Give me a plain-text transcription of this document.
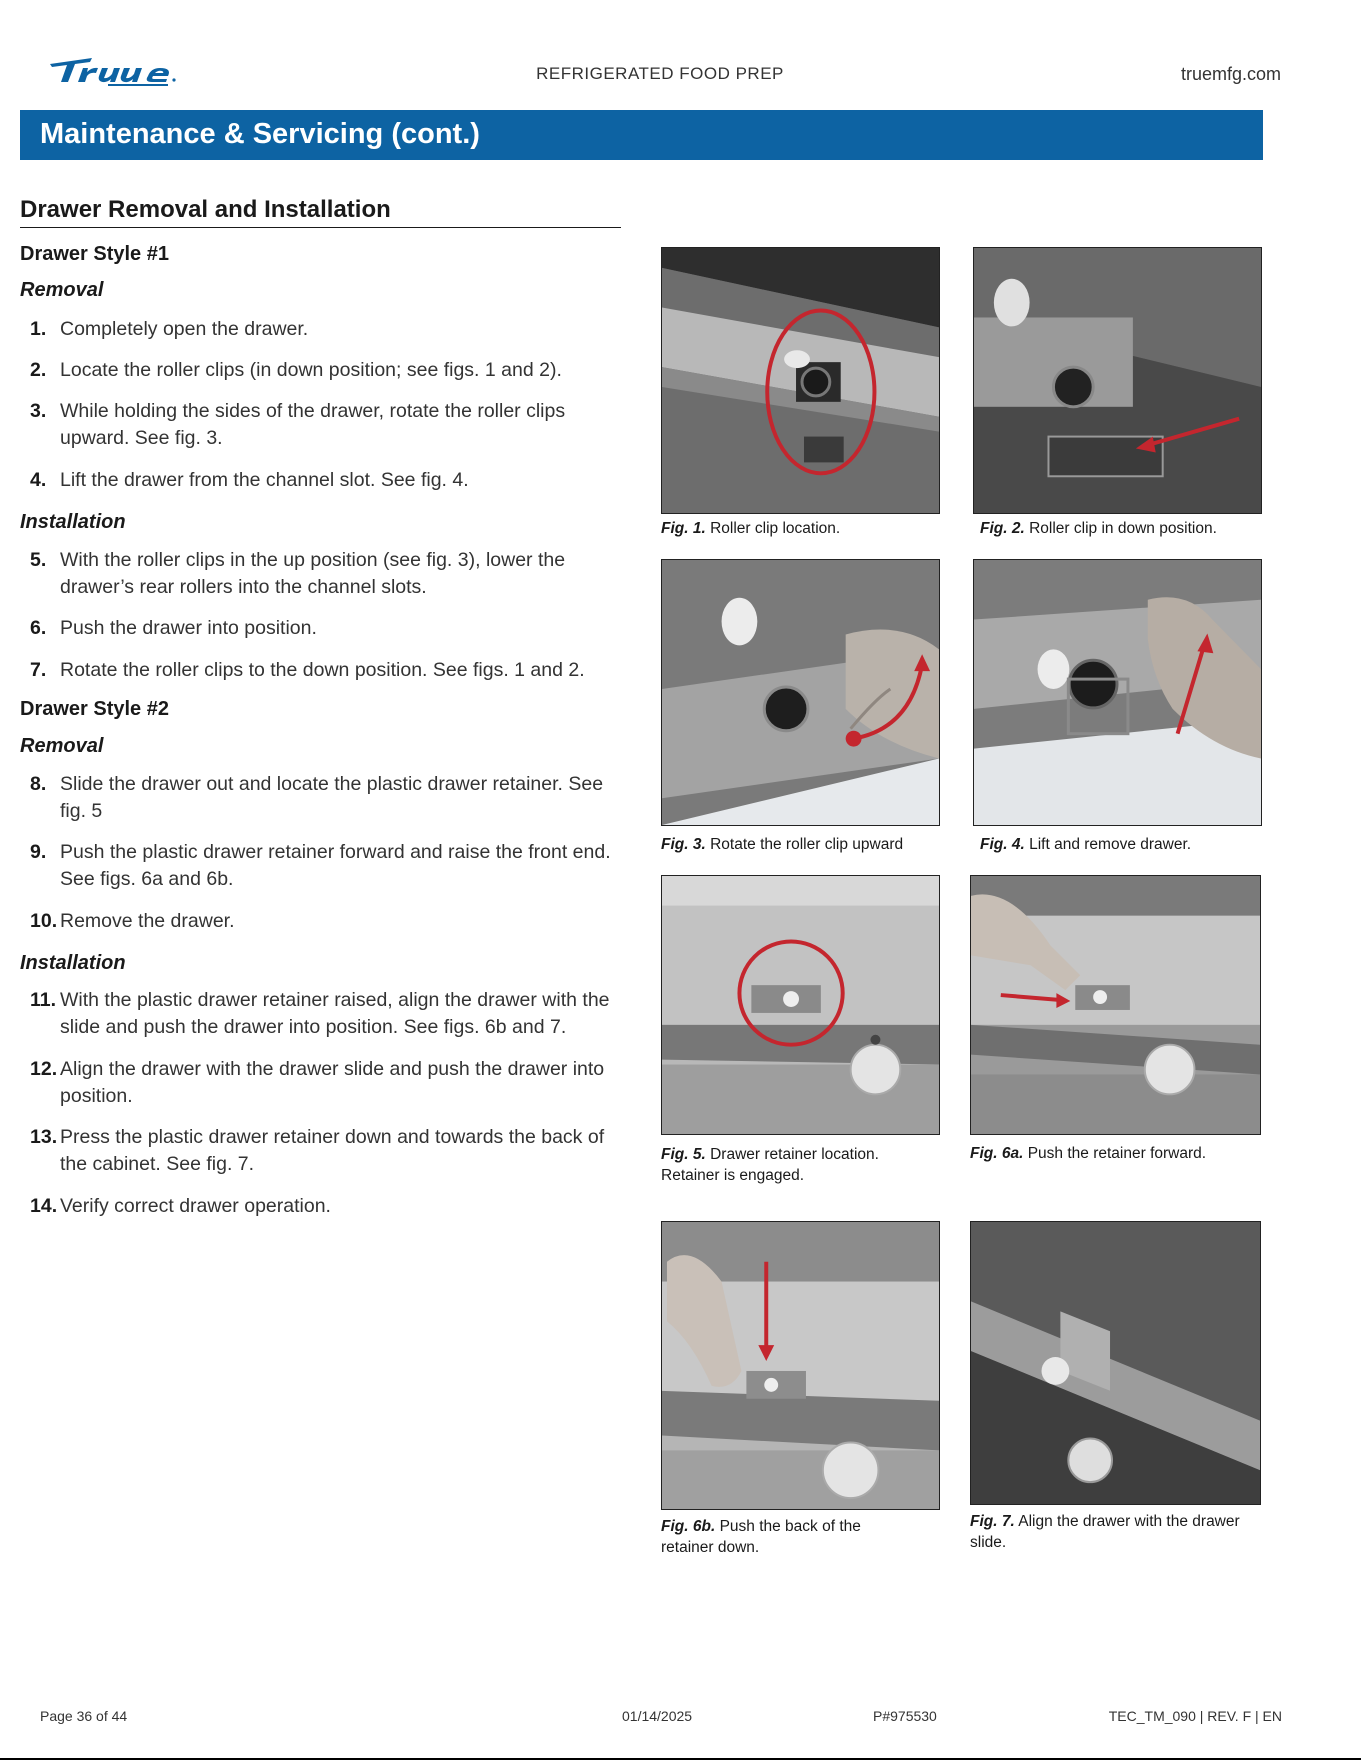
REFRIGERATED FOOD PREP	truemfg.com
Maintenance & Servicing (cont.)
Drawer Removal and Installation
Drawer Style #1
Removal
1. Completely open the drawer.
2. Locate the roller clips (in down position; see figs. 1 and 2).
3. While holding the sides of the drawer, rotate the roller clips upward. See fig. 3.
4. Lift the drawer from the channel slot. See fig. 4.
Installation
5. With the roller clips in the up position (see fig. 3), lower the drawer’s rear rollers into the channel slots.
6. Push the drawer into position.
7. Rotate the roller clips to the down position. See figs. 1 and 2.
Drawer Style #2
Removal
8. Slide the drawer out and locate the plastic drawer retainer. See fig. 5
9. Push the plastic drawer retainer forward and raise the front end. See figs. 6a and 6b.
10. Remove the drawer.
Installation
11. With the plastic drawer retainer raised, align the drawer with the slide and push the drawer into position. See figs. 6b and 7.
12. Align the drawer with the drawer slide and push the drawer into position.
13. Press the plastic drawer retainer down and towards the back of the cabinet. See fig. 7.
14. Verify correct drawer operation.
Fig. 1. Roller clip location.	Fig. 2. Roller clip in down position.
Fig. 3. Rotate the roller clip upward	Fig. 4. Lift and remove drawer.
Fig. 5. Drawer retainer location. Retainer is engaged.
Fig. 6a. Push the retainer forward.
Fig. 6b. Push the back of the retainer down.
Fig. 7. Align the drawer with the drawer slide.
Page 36 of 44	01/14/2025	P#975530	TEC_TM_090 | REV. F | EN
